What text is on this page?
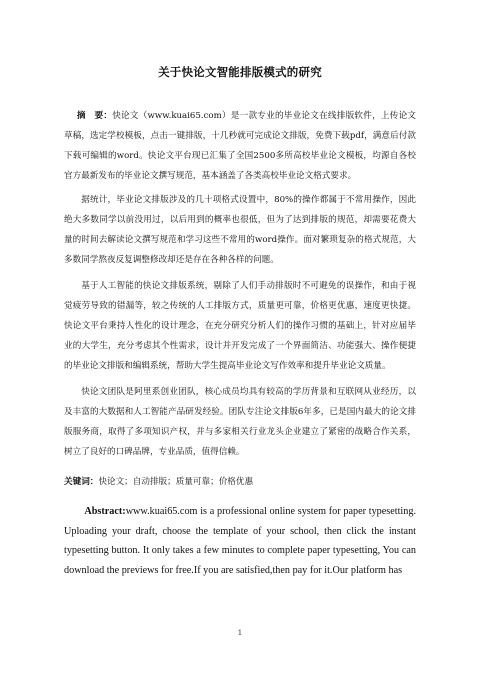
关于快论文智能排版模式的研究

摘　要：快论文（www.kuai65.com）是一款专业的毕业论文在线排版软件，上传论文草稿，选定学校模板，点击一键排版，十几秒就可完成论文排版，免费下载pdf，满意后付款下载可编辑的word。快论文平台现已汇集了全国2500多所高校毕业论文模板，均源自各校官方最新发布的毕业论文撰写规范，基本涵盖了各类高校毕业论文格式要求。

据统计，毕业论文排版涉及的几十项格式设置中，80%的操作都属于不常用操作，因此绝大多数同学以前没用过，以后用到的概率也很低，但为了达到排版的规范，却需要花费大量的时间去解读论文撰写规范和学习这些不常用的word操作。面对繁琐复杂的格式规范，大多数同学熬夜反复调整修改却还是存在各种各样的问题。

基于人工智能的快论文排版系统，剔除了人们手动排版时不可避免的误操作，和由于视觉疲劳导致的错漏等，较之传统的人工排版方式，质量更可靠，价格更优惠，速度更快捷。快论文平台秉持人性化的设计理念，在充分研究分析人们的操作习惯的基础上，针对应届毕业的大学生，充分考虑其个性需求，设计并开发完成了一个界面简洁、功能强大、操作便捷的毕业论文排版和编辑系统，帮助大学生提高毕业论文写作效率和提升毕业论文质量。

快论文团队是阿里系创业团队，核心成员均具有较高的学历背景和互联网从业经历，以及丰富的大数据和人工智能产品研发经验。团队专注论文排版6年多，已是国内最大的论文排版服务商，取得了多项知识产权，并与多家相关行业龙头企业建立了紧密的战略合作关系，树立了良好的口碑品牌，专业品质，值得信赖。

关键词：快论文；自动排版；质量可靠；价格优惠

Abstract:www.kuai65.com is a professional online system for paper typesetting. Uploading your draft, choose the template of your school, then click the instant typesetting button. It only takes a few minutes to complete paper typesetting, You can download the previews for free.If you are satisfied,then pay for it.Our platform has

1
